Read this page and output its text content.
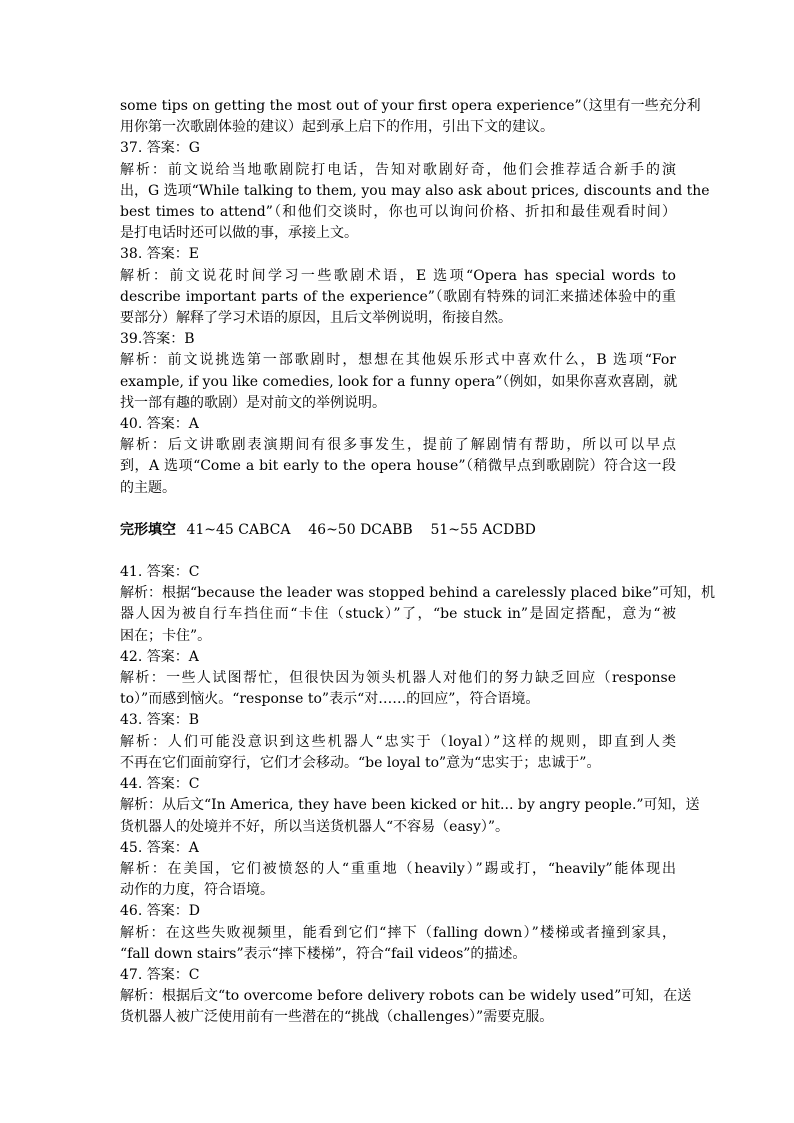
some tips on getting the most out of your first opera experience”（这里有一些充分利
用你第一次歌剧体验的建议）起到承上启下的作用，引出下文的建议。
37. 答案：G
解析：前文说给当地歌剧院打电话，告知对歌剧好奇，他们会推荐适合新手的演
出，G 选项“While talking to them, you may also ask about prices, discounts and the
best times to attend”（和他们交谈时，你也可以询问价格、折扣和最佳观看时间）
是打电话时还可以做的事，承接上文。
38. 答案：E
解析：前文说花时间学习一些歌剧术语，E 选项“Opera has special words to
describe important parts of the experience”（歌剧有特殊的词汇来描述体验中的重
要部分）解释了学习术语的原因，且后文举例说明，衔接自然。
39.答案：B
解析：前文说挑选第一部歌剧时，想想在其他娱乐形式中喜欢什么，B 选项“For
example, if you like comedies, look for a funny opera”（例如，如果你喜欢喜剧，就
找一部有趣的歌剧）是对前文的举例说明。
40. 答案：A
解析：后文讲歌剧表演期间有很多事发生，提前了解剧情有帮助，所以可以早点
到，A 选项“Come a bit early to the opera house”（稍微早点到歌剧院）符合这一段
的主题。
完形填空 41~45 CABCA    46~50 DCABB    51~55 ACDBD
41. 答案：C
解析：根据“because the leader was stopped behind a carelessly placed bike”可知，机
器人因为被自行车挡住而“卡住（stuck）”了，“be stuck in”是固定搭配，意为“被
困在；卡住”。
42. 答案：A
解析：一些人试图帮忙，但很快因为领头机器人对他们的努力缺乏回应（response
to）”而感到恼火。“response to”表示“对……的回应”，符合语境。
43. 答案：B
解析：人们可能没意识到这些机器人“忠实于（loyal）”这样的规则，即直到人类
不再在它们面前穿行，它们才会移动。“be loyal to”意为“忠实于；忠诚于”。
44. 答案：C
解析：从后文“In America, they have been kicked or hit... by angry people.”可知，送
货机器人的处境并不好，所以当送货机器人“不容易（easy）”。
45. 答案：A
解析：在美国，它们被愤怒的人“重重地（heavily）”踢或打，“heavily”能体现出
动作的力度，符合语境。
46. 答案：D
解析：在这些失败视频里，能看到它们“摔下（falling down）”楼梯或者撞到家具，
“fall down stairs”表示“摔下楼梯”，符合“fail videos”的描述。
47. 答案：C
解析：根据后文“to overcome before delivery robots can be widely used”可知，在送
货机器人被广泛使用前有一些潜在的“挑战（challenges）”需要克服。
